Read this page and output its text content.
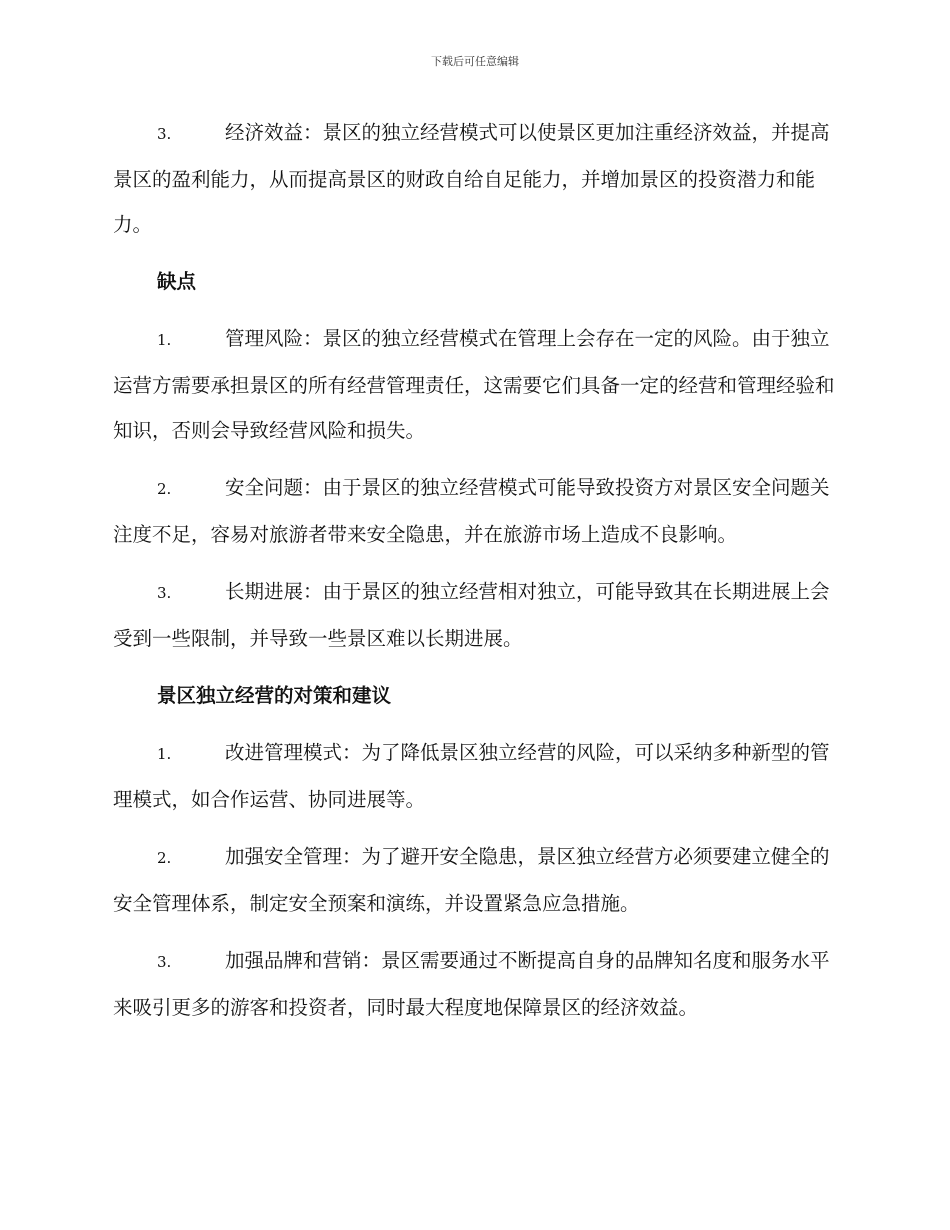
下载后可任意编辑

3.	经济效益：景区的独立经营模式可以使景区更加注重经济效益，并提高景区的盈利能力，从而提高景区的财政自给自足能力，并增加景区的投资潜力和能力。

缺点

1.	管理风险：景区的独立经营模式在管理上会存在一定的风险。由于独立运营方需要承担景区的所有经营管理责任，这需要它们具备一定的经营和管理经验和知识，否则会导致经营风险和损失。

2.	安全问题：由于景区的独立经营模式可能导致投资方对景区安全问题关注度不足，容易对旅游者带来安全隐患，并在旅游市场上造成不良影响。

3.	长期进展：由于景区的独立经营相对独立，可能导致其在长期进展上会受到一些限制，并导致一些景区难以长期进展。

景区独立经营的对策和建议

1.	改进管理模式：为了降低景区独立经营的风险，可以采纳多种新型的管理模式，如合作运营、协同进展等。

2.	加强安全管理：为了避开安全隐患，景区独立经营方必须要建立健全的安全管理体系，制定安全预案和演练，并设置紧急应急措施。

3.	加强品牌和营销：景区需要通过不断提高自身的品牌知名度和服务水平来吸引更多的游客和投资者，同时最大程度地保障景区的经济效益。
